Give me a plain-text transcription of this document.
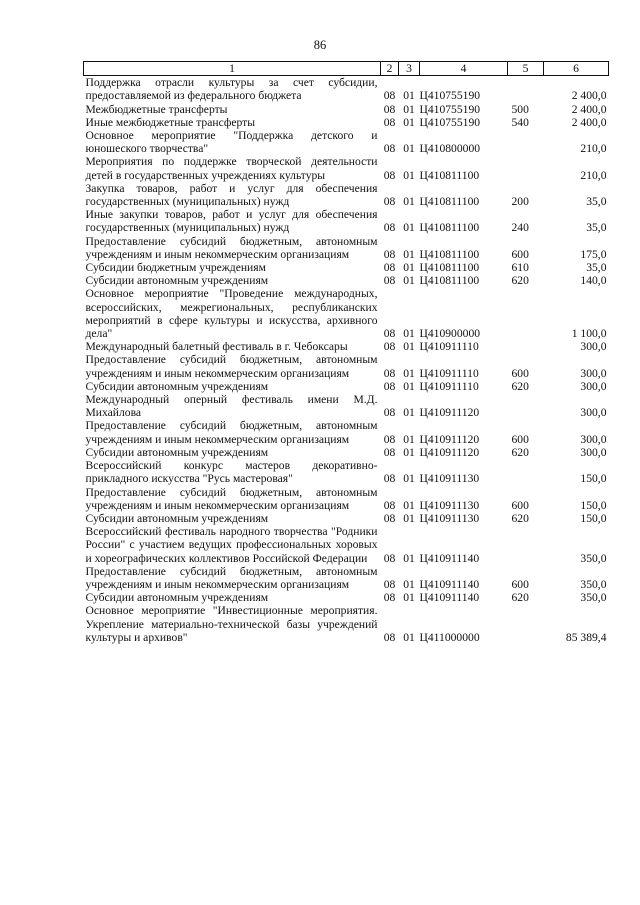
86
1	2	3	4	5	6
Поддержка отрасли культуры за счет субсидии, предоставляемой из федерального бюджета	08	01	Ц410755190		2 400,0
Межбюджетные трансферты	08	01	Ц410755190	500	2 400,0
Иные межбюджетные трансферты	08	01	Ц410755190	540	2 400,0
Основное мероприятие "Поддержка детского и юношеского творчества"	08	01	Ц410800000		210,0
Мероприятия по поддержке творческой деятельности детей в государственных учреждениях культуры	08	01	Ц410811100		210,0
Закупка товаров, работ и услуг для обеспечения государственных (муниципальных) нужд	08	01	Ц410811100	200	35,0
Иные закупки товаров, работ и услуг для обеспечения государственных (муниципальных) нужд	08	01	Ц410811100	240	35,0
Предоставление субсидий бюджетным, автономным учреждениям и иным некоммерческим организациям	08	01	Ц410811100	600	175,0
Субсидии бюджетным учреждениям	08	01	Ц410811100	610	35,0
Субсидии автономным учреждениям	08	01	Ц410811100	620	140,0
Основное мероприятие "Проведение международных, всероссийских, межрегиональных, республиканских мероприятий в сфере культуры и искусства, архивного дела"	08	01	Ц410900000		1 100,0
Международный балетный фестиваль в г. Чебоксары	08	01	Ц410911110		300,0
Предоставление субсидий бюджетным, автономным учреждениям и иным некоммерческим организациям	08	01	Ц410911110	600	300,0
Субсидии автономным учреждениям	08	01	Ц410911110	620	300,0
Международный оперный фестиваль имени М.Д. Михайлова	08	01	Ц410911120		300,0
Предоставление субсидий бюджетным, автономным учреждениям и иным некоммерческим организациям	08	01	Ц410911120	600	300,0
Субсидии автономным учреждениям	08	01	Ц410911120	620	300,0
Всероссийский конкурс мастеров декоративно-прикладного искусства "Русь мастеровая"	08	01	Ц410911130		150,0
Предоставление субсидий бюджетным, автономным учреждениям и иным некоммерческим организациям	08	01	Ц410911130	600	150,0
Субсидии автономным учреждениям	08	01	Ц410911130	620	150,0
Всероссийский фестиваль народного творчества "Родники России" с участием ведущих профессиональных хоровых и хореографических коллективов Российской Федерации	08	01	Ц410911140		350,0
Предоставление субсидий бюджетным, автономным учреждениям и иным некоммерческим организациям	08	01	Ц410911140	600	350,0
Субсидии автономным учреждениям	08	01	Ц410911140	620	350,0
Основное мероприятие "Инвестиционные мероприятия. Укрепление материально-технической базы учреждений культуры и архивов"	08	01	Ц411000000		85 389,4
